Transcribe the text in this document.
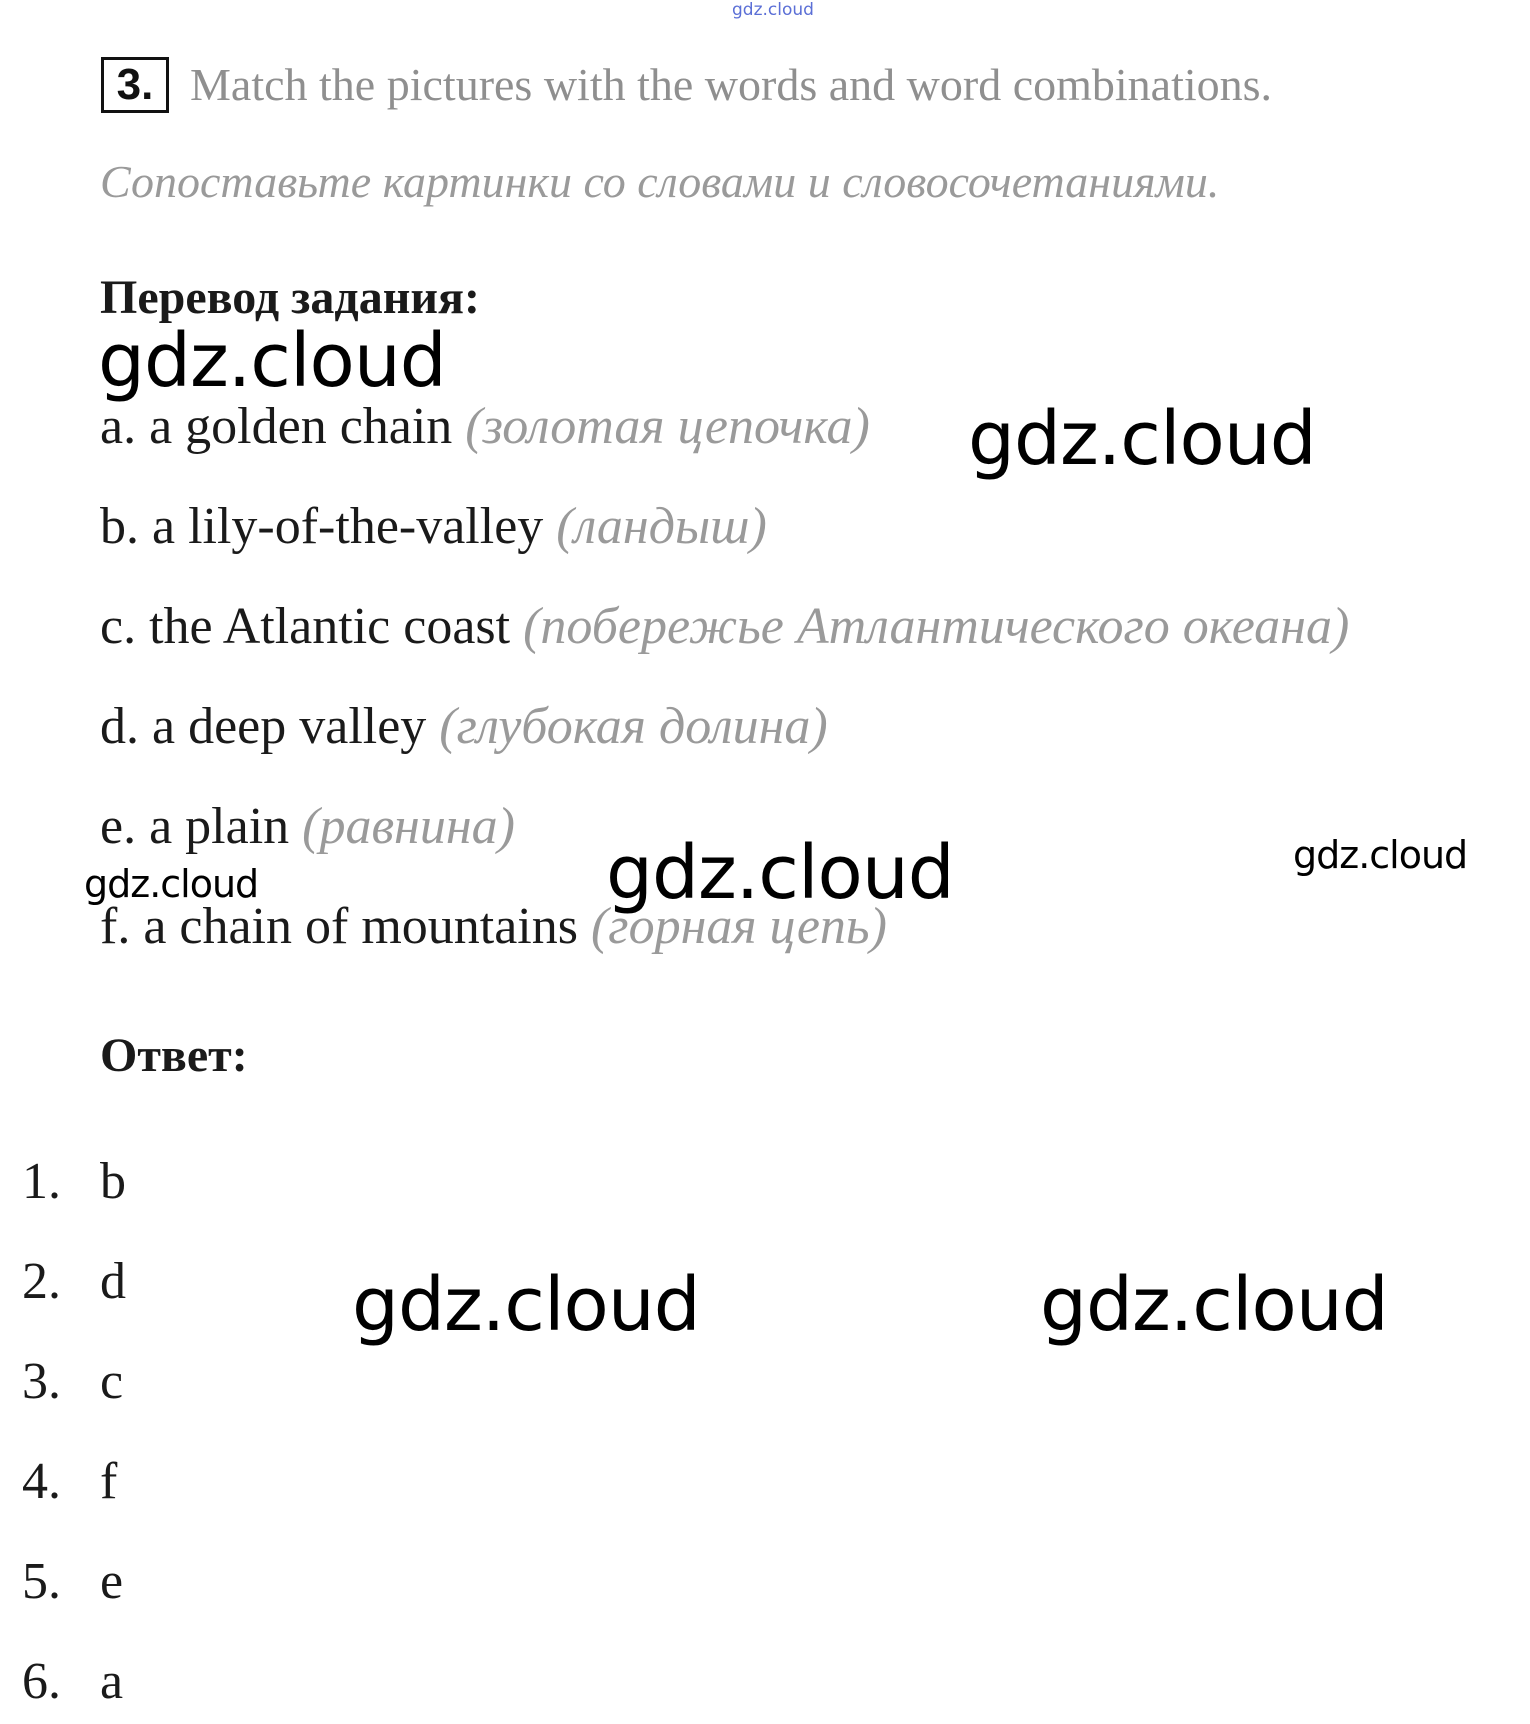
gdz.cloud
3. Match the pictures with the words and word combinations.
Сопоставьте картинки со словами и словосочетаниями.
Перевод задания:
a. a golden chain (золотая цепочка)
b. a lily-of-the-valley (ландыш)
c. the Atlantic coast (побережье Атлантического океана)
d. a deep valley (глубокая долина)
e. a plain (равнина)
f. a chain of mountains (горная цепь)
Ответ:
1. b
2. d
3. c
4. f
5. e
6. a
gdz.cloud
gdz.cloud
gdz.cloud	gdz.cloud
gdz.cloud
gdz.cloud	gdz.cloud
